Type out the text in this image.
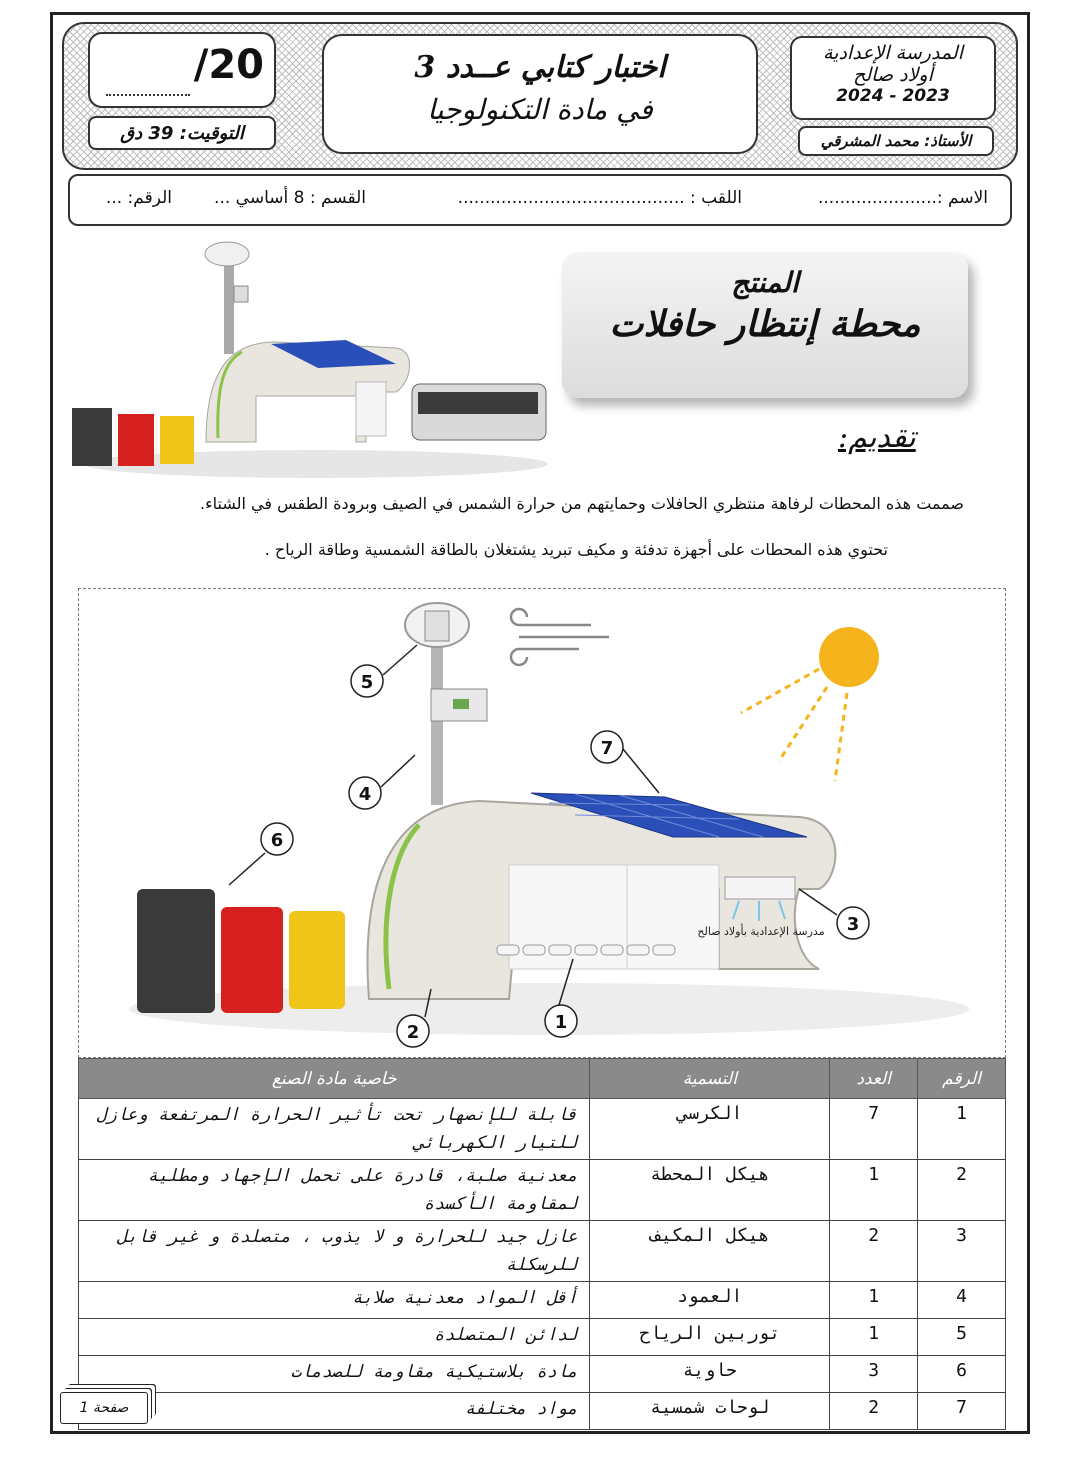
/20
التوقيت: 39 دق
اختبار كتابي عــدد 3
في مادة التكنولوجيا
المدرسة الإعدادية
أولاد صالح
2023 - 2024
الأستاذ: محمد المشرقي
الاسم :......................
اللقب : ..........................................
القسم : 8 أساسي ...
الرقم: ...
المنتج
محطة إنتظار حافلات
تقديم:
صممت هذه المحطات لرفاهة منتظري الحافلات وحمايتهم من حرارة الشمس في الصيف وبرودة الطقس في الشتاء.
تحتوي هذه المحطات على أجهزة تدفئة و مكيف تبريد يشتغلان بالطاقة الشمسية وطاقة الرياح .
مدرسة الإعدادية بأولاد صالح
5
4
7
6
3
1
2
الرقم	العدد	التسمية	خاصية مادة الصنع
1	7	الكرسي	قابلة للإنصهار تحت تأثير الحرارة المرتفعة وعازل للتيار الكهربائي
2	1	هيكل المحطة	معدنية صلبة، قادرة على تحمل الإجهاد ومطلية لمقاومة الأكسدة
3	2	هيكل المكيف	عازل جيد للحرارة و لا يذوب ، متصلدة و غير قابل للرسكلة
4	1	العمود	أقل المواد معدنية صلابة
5	1	توربين الرياح	لدائن المتصلدة
6	3	حاوية	مادة بلاستيكية مقاومة للصدمات
7	2	لوحات شمسية	مواد مختلفة
صفحة 1
